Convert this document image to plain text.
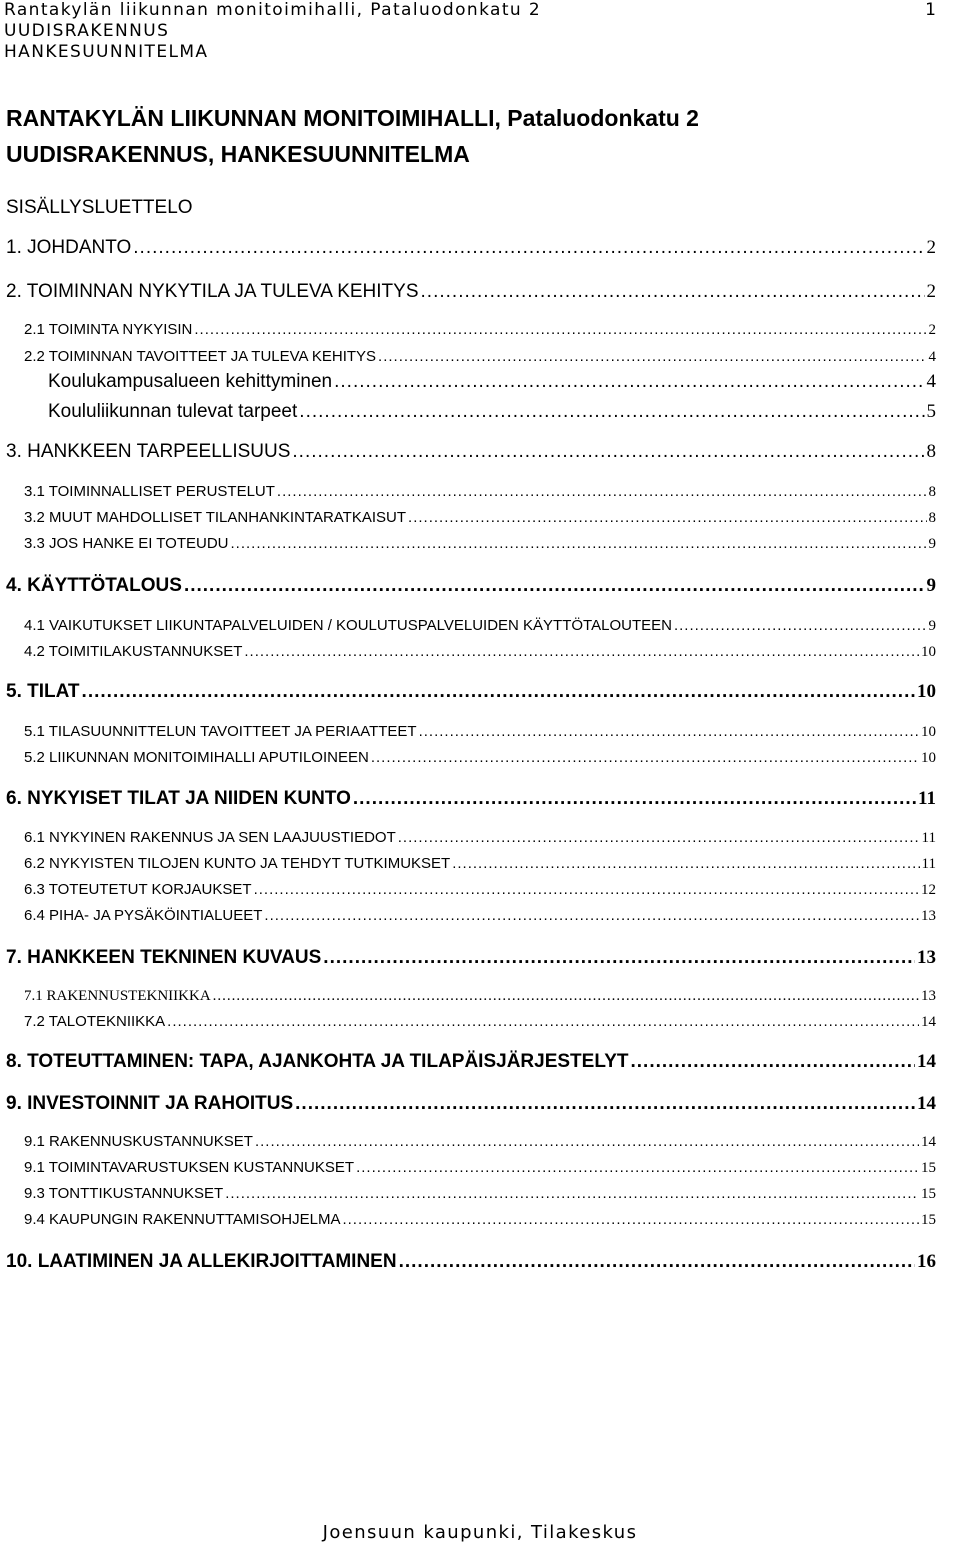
Rantakylän liikunnan monitoimihalli, Pataluodonkatu 2
UUDISRAKENNUS
HANKESUUNNITELMA
1
RANTAKYLÄN LIIKUNNAN MONITOIMIHALLI, Pataluodonkatu 2
UUDISRAKENNUS, HANKESUUNNITELMA
SISÄLLYSLUETTELO
1. JOHDANTO .....	2
2. TOIMINNAN NYKYTILA JA TULEVA KEHITYS .....	2
2.1 TOIMINTA NYKYISIN .....	2
2.2 TOIMINNAN TAVOITTEET JA TULEVA KEHITYS .....	4
Koulukampusalueen kehittyminen .....	4
Koululiikunnan tulevat tarpeet .....	5
3. HANKKEEN TARPEELLISUUS .....	8
3.1 TOIMINNALLISET PERUSTELUT .....	8
3.2 MUUT MAHDOLLISET TILANHANKINTARATKAISUT .....	8
3.3 JOS HANKE EI TOTEUDU .....	9
4. KÄYTTÖTALOUS .....	9
4.1 VAIKUTUKSET LIIKUNTAPALVELUIDEN / KOULUTUSPALVELUIDEN KÄYTTÖTALOUTEEN .....	9
4.2 TOIMITILAKUSTANNUKSET .....	10
5. TILAT .....	10
5.1 TILASUUNNITTELUN TAVOITTEET JA PERIAATTEET .....	10
5.2 LIIKUNNAN MONITOIMIHALLI APUTILOINEEN .....	10
6. NYKYISET TILAT JA NIIDEN KUNTO .....	11
6.1 NYKYINEN RAKENNUS JA SEN LAAJUUSTIEDOT .....	11
6.2 NYKYISTEN TILOJEN KUNTO JA TEHDYT TUTKIMUKSET .....	11
6.3 TOTEUTETUT KORJAUKSET .....	12
6.4 PIHA- JA PYSÄKÖINTIALUEET .....	13
7. HANKKEEN TEKNINEN KUVAUS .....	13
7.1 RAKENNUSTEKNIIKKA .....	13
7.2 TALOTEKNIIKKA .....	14
8. TOTEUTTAMINEN: TAPA, AJANKOHTA JA TILAPÄISJÄRJESTELYT .....	14
9. INVESTOINNIT JA RAHOITUS .....	14
9.1 RAKENNUSKUSTANNUKSET .....	14
9.1 TOIMINTAVARUSTUKSEN KUSTANNUKSET .....	15
9.3 TONTTIKUSTANNUKSET .....	15
9.4 KAUPUNGIN RAKENNUTTAMISOHJELMA .....	15
10. LAATIMINEN JA ALLEKIRJOITTAMINEN .....	16
Joensuun kaupunki, Tilakeskus
